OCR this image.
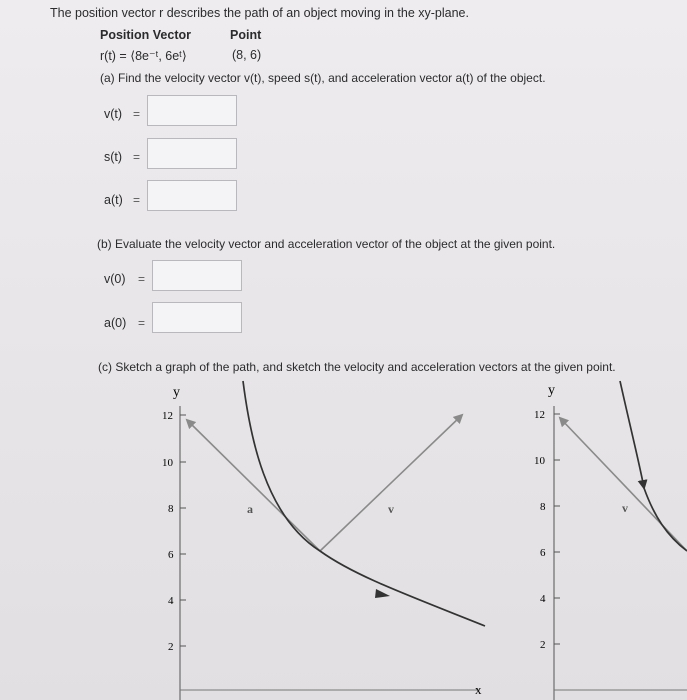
The position vector r describes the path of an object moving in the xy-plane.
Position Vector	Point
r(t) = ⟨8e⁻ᵗ, 6eᵗ⟩	(8, 6)
(a) Find the velocity vector v(t), speed s(t), and acceleration vector a(t) of the object.
v(t) =
s(t) =
a(t) =
(b) Evaluate the velocity vector and acceleration vector of the object at the given point.
v(0) =
a(0) =
(c) Sketch a graph of the path, and sketch the velocity and acceleration vectors at the given point.
y
x
12
10
8
6
4
2
a	v
y
12
10
8
6
4
2
v
